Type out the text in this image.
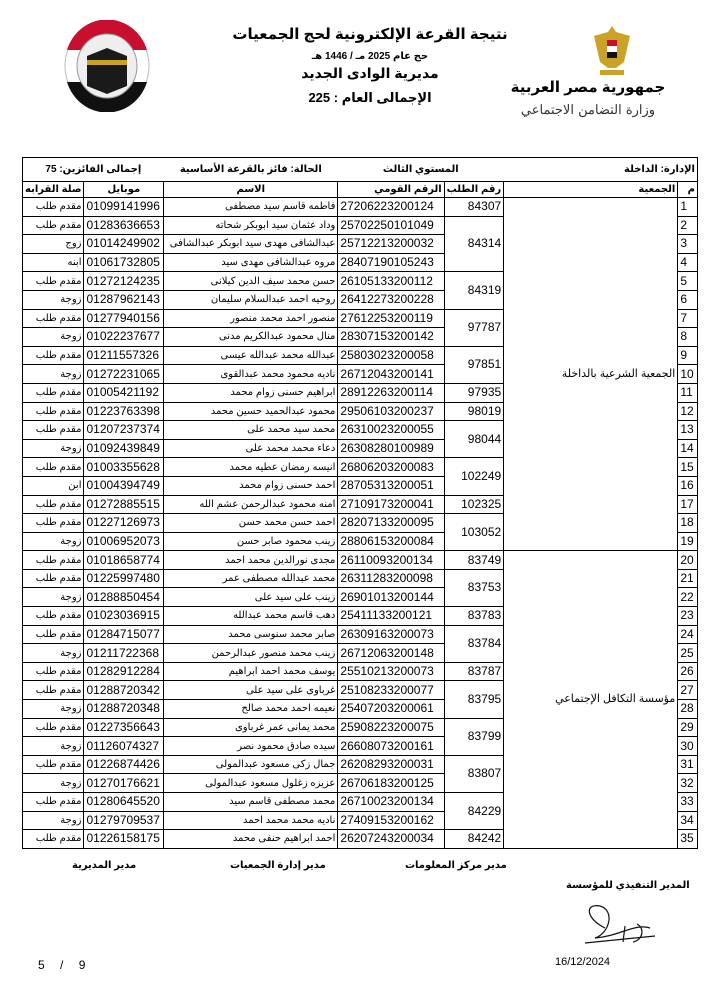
جمهورية مصر العربية
وزارة التضامن الاجتماعي
نتيجة القرعة الإلكترونية لحج الجمعيات
حج عام 2025 مـ / 1446 هـ
مديرية الوادى الجديد
الإجمالى العام : 225
الإدارة: الداخلة		المستوي الثالث		الحالة: فائز بالقرعة الأساسية	إجمالى الفائزين: 75	
م	الجمعية	رقم الطلب	الرقم القومي	الاسم	موبايل	صلة القرابه
1	الجمعية الشرعية بالداخلة	84307	27206223200124	فاطمه قاسم سيد مصطفى	01099141996	مقدم طلب
2		84314	25702250101049	وداد عثمان سيد ابوبكر شحاته	01283636653	مقدم طلب
3			25712213200032	عبدالشافى مهدى سيد ابوبكر عبدالشافى	01014249902	زوج
4			28407190105243	مروه عبدالشافى مهدى سيد	01061732805	ابنه
5		84319	26105133200112	حسن محمد سيف الدين كيلانى	01272124235	مقدم طلب
6			26412273200228	روحيه احمد عبدالسلام سليمان	01287962143	زوجة
7		97787	27612253200119	منصور احمد محمد منصور	01277940156	مقدم طلب
8			28307153200142	منال محمود عبدالكريم مدنى	01022237677	زوجة
9		97851	25803023200058	عبدالله محمد عبدالله عيسى	01211557326	مقدم طلب
10			26712043200141	ناديه محمود محمد عبدالقوى	01272231065	زوجة
11		97935	28912263200114	ابراهيم حسنى زوام محمد	01005421192	مقدم طلب
12		98019	29506103200237	محمود عبدالحميد حسين محمد	01223763398	مقدم طلب
13		98044	26310023200055	محمد سيد محمد على	01207237374	مقدم طلب
14			26308280100989	دعاء محمد محمد على	01092439849	زوجة
15		102249	26806203200083	انيسه رمضان عطيه محمد	01003355628	مقدم طلب
16			28705313200051	احمد حسنى زوام محمد	01004394749	ابن
17		102325	27109173200041	امنه محمود عبدالرحمن عشم الله	01272885515	مقدم طلب
18		103052	28207133200095	احمد حسن محمد حسن	01227126973	مقدم طلب
19			28806153200084	زينب محمود صابر حسن	01006952073	زوجة
20	مؤسسة التكافل الإجتماعي	83749	26110093200134	مجدى نورالدين محمد احمد	01018658774	مقدم طلب
21		83753	26311283200098	محمد عبدالله مصطفى عمر	01225997480	مقدم طلب
22			26901013200144	زينب على سيد على	01288850454	زوجة
23		83783	25411133200121	دهب قاسم محمد عبدالله	01023036915	مقدم طلب
24		83784	26309163200073	صابر محمد سنوسى محمد	01284715077	مقدم طلب
25			26712063200148	زينب محمد منصور عبدالرحمن	01211722368	زوجة
26		83787	25510213200073	يوسف محمد احمد ابراهيم	01282912284	مقدم طلب
27		83795	25108233200077	غرباوى على سيد على	01288720342	مقدم طلب
28			25407203200061	نعيمه احمد محمد صالح	01288720348	زوجة
29		83799	25908223200075	محمد يمانى عمر غرباوى	01227356643	مقدم طلب
30			26608073200161	سيده صادق محمود نصر	01126074327	زوجة
31		83807	26208293200031	جمال زكى مسعود عبدالمولى	01226874426	مقدم طلب
32			26706183200125	عزيزه زغلول مسعود عبدالمولى	01270176621	زوجة
33		84229	26710023200134	محمد مصطفى قاسم سيد	01280645520	مقدم طلب
34			27409153200162	ناديه محمد محمد احمد	01279709537	زوجة
35		84242	26207243200034	احمد ابراهيم حنفى محمد	01226158175	مقدم طلب
مدير مركز المعلومات
مدير إدارة الجمعيات
مدير المديرية
المدير التنفيذي للمؤسسة
16/12/2024
5 / 9
